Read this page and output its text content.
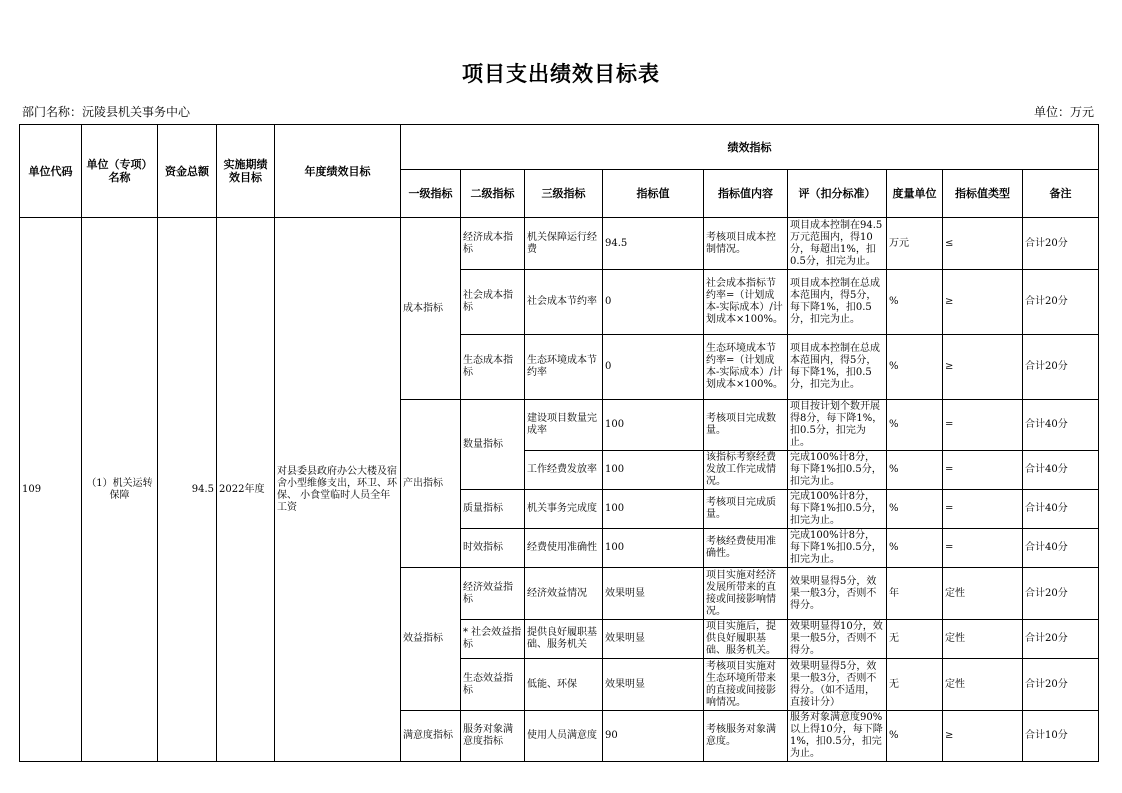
项目支出绩效目标表
部门名称：沅陵县机关事务中心	单位：万元
单位代码	单位（专项）名称	资金总额	实施期绩效目标	年度绩效目标	绩效指标								
					一级指标	二级指标	三级指标	指标值	指标值内容	评（扣分标准）	度量单位	指标值类型	备注
109	（1）机关运转保障	94.5	2022年度	对县委县政府办公大楼及宿舍小型维修支出，环卫、环保、 小食堂临时人员全年工资	成本指标	经济成本指标	机关保障运行经费	94.5	考核项目成本控制情况。	项目成本控制在94.5万元范围内，得10分，每超出1%，扣0.5分，扣完为止。	万元	≤	合计20分
						社会成本指标	社会成本节约率	0	社会成本指标节约率=（计划成本-实际成本）/计划成本×100%。	项目成本控制在总成本范围内，得5分，每下降1%，扣0.5分，扣完为止。	%	≥	合计20分
						生态成本指标	生态环境成本节约率	0	生态环境成本节约率=（计划成本-实际成本）/计划成本×100%。	项目成本控制在总成本范围内，得5分，每下降1%，扣0.5分，扣完为止。	%	≥	合计20分
					产出指标	数量指标	建设项目数量完成率	100	考核项目完成数量。	项目按计划个数开展得8分，每下降1%，扣0.5分，扣完为止。	%	=	合计40分
							工作经费发放率	100	该指标考察经费发放工作完成情况。	完成100%计8分，每下降1%扣0.5分，扣完为止。	%	=	合计40分
						质量指标	机关事务完成度	100	考核项目完成质量。	完成100%计8分，每下降1%扣0.5分，扣完为止。	%	=	合计40分
						时效指标	经费使用准确性	100	考核经费使用准确性。	完成100%计8分，每下降1%扣0.5分，扣完为止。	%	=	合计40分
					效益指标	经济效益指标	经济效益情况	效果明显	项目实施对经济发展所带来的直接或间接影响情况。	效果明显得5分，效果一般3分，否则不得分。	年	定性	合计20分
						* 社会效益指标	提供良好履职基础、服务机关	效果明显	项目实施后，提供良好履职基础、服务机关。	效果明显得10分，效果一般5分，否则不得分。	无	定性	合计20分
						生态效益指标	低能、环保	效果明显	考核项目实施对生态环境所带来的直接或间接影响情况。	效果明显得5分，效果一般3分，否则不得分。（如不适用，直接计分）	无	定性	合计20分
					满意度指标	服务对象满意度指标	使用人员满意度	90	考核服务对象满意度。	服务对象满意度90%以上得10分，每下降1%，扣0.5分，扣完为止。	%	≥	合计10分
